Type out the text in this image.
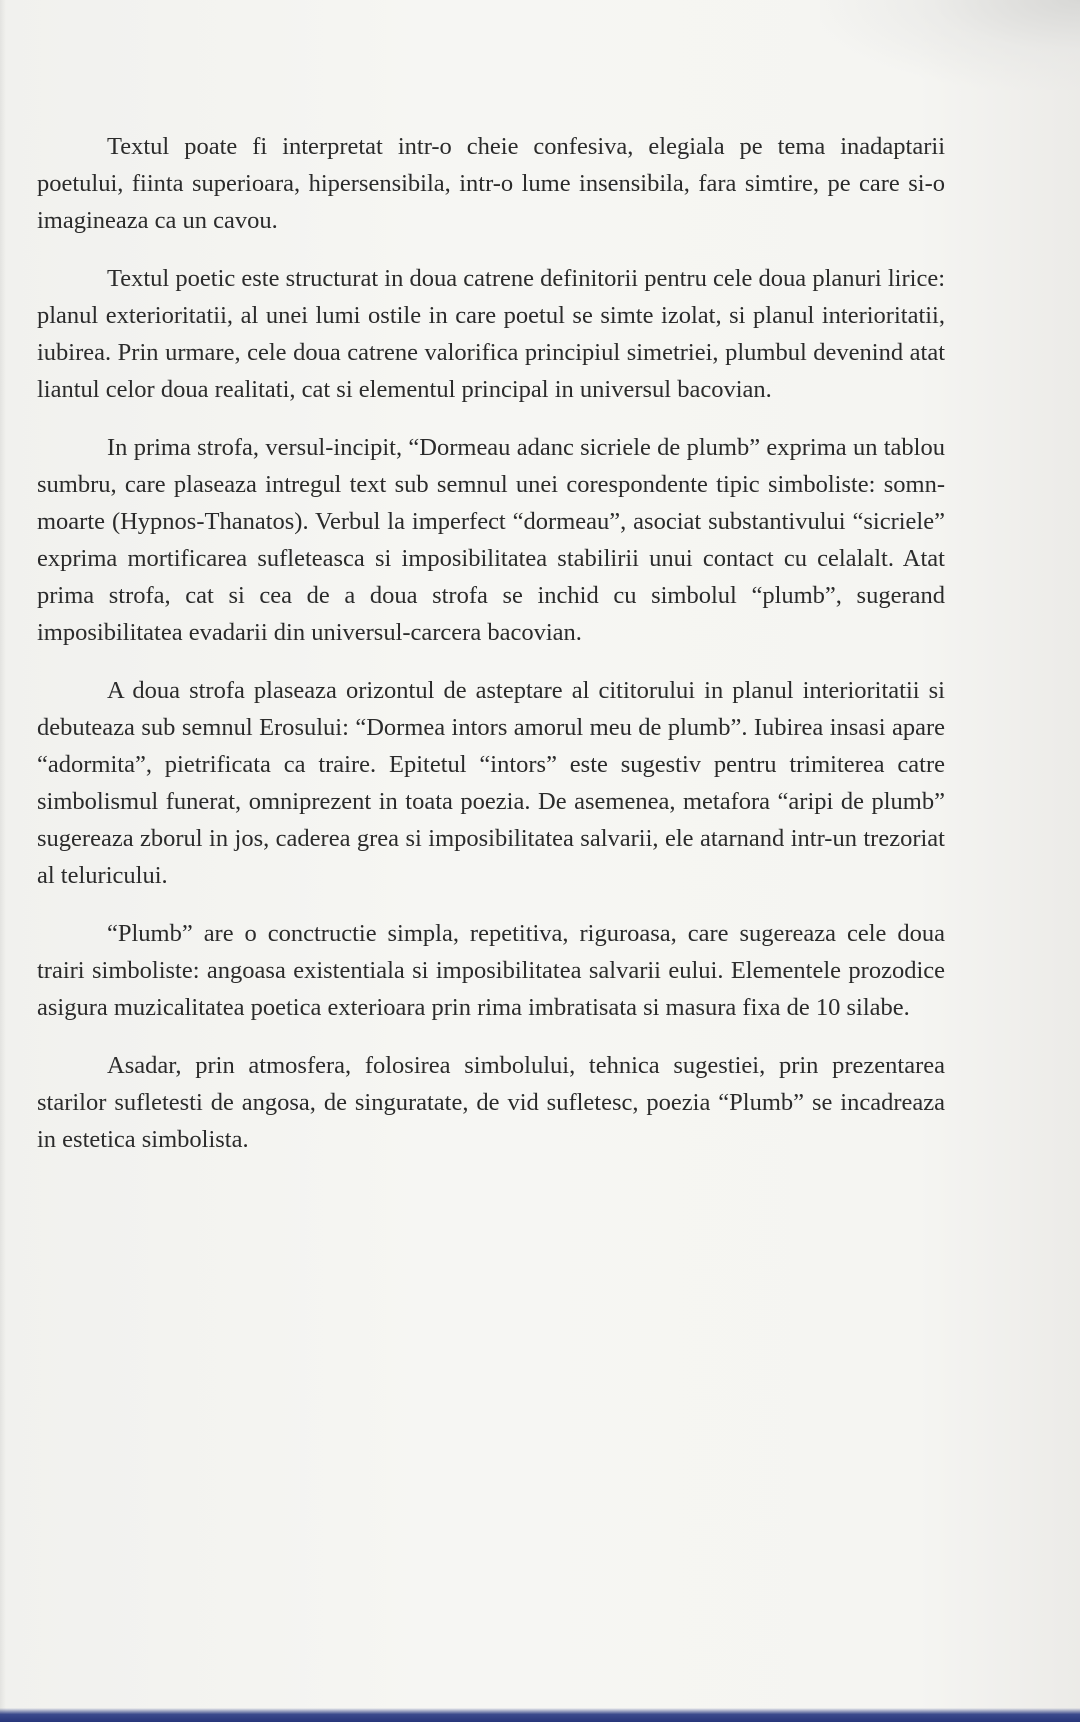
Textul poate fi interpretat intr-o cheie confesiva, elegiala pe tema inadaptarii poetului, fiinta superioara, hipersensibila, intr-o lume insensibila, fara simtire, pe care si-o imagineaza ca un cavou.

Textul poetic este structurat in doua catrene definitorii pentru cele doua planuri lirice: planul exterioritatii, al unei lumi ostile in care poetul se simte izolat, si planul interioritatii, iubirea. Prin urmare, cele doua catrene valorifica principiul simetriei, plumbul devenind atat liantul celor doua realitati, cat si elementul principal in universul bacovian.

In prima strofa, versul-incipit, “Dormeau adanc sicriele de plumb” exprima un tablou sumbru, care plaseaza intregul text sub semnul unei corespondente tipic simboliste: somn-moarte (Hypnos-Thanatos). Verbul la imperfect “dormeau”, asociat substantivului “sicriele” exprima mortificarea sufleteasca si imposibilitatea stabilirii unui contact cu celalalt. Atat prima strofa, cat si cea de a doua strofa se inchid cu simbolul “plumb”, sugerand imposibilitatea evadarii din universul-carcera bacovian.

A doua strofa plaseaza orizontul de asteptare al cititorului in planul interioritatii si debuteaza sub semnul Erosului: “Dormea intors amorul meu de plumb”. Iubirea insasi apare “adormita”, pietrificata ca traire. Epitetul “intors” este sugestiv pentru trimiterea catre simbolismul funerat, omniprezent in toata poezia. De asemenea, metafora “aripi de plumb” sugereaza zborul in jos, caderea grea si imposibilitatea salvarii, ele atarnand intr-un trezoriat al teluricului.

“Plumb” are o conctructie simpla, repetitiva, riguroasa, care sugereaza cele doua trairi simboliste: angoasa existentiala si imposibilitatea salvarii eului. Elementele prozodice asigura muzicalitatea poetica exterioara prin rima imbratisata si masura fixa de 10 silabe.

Asadar, prin atmosfera, folosirea simbolului, tehnica sugestiei, prin prezentarea starilor sufletesti de angosa, de singuratate, de vid sufletesc, poezia “Plumb” se incadreaza in estetica simbolista.
